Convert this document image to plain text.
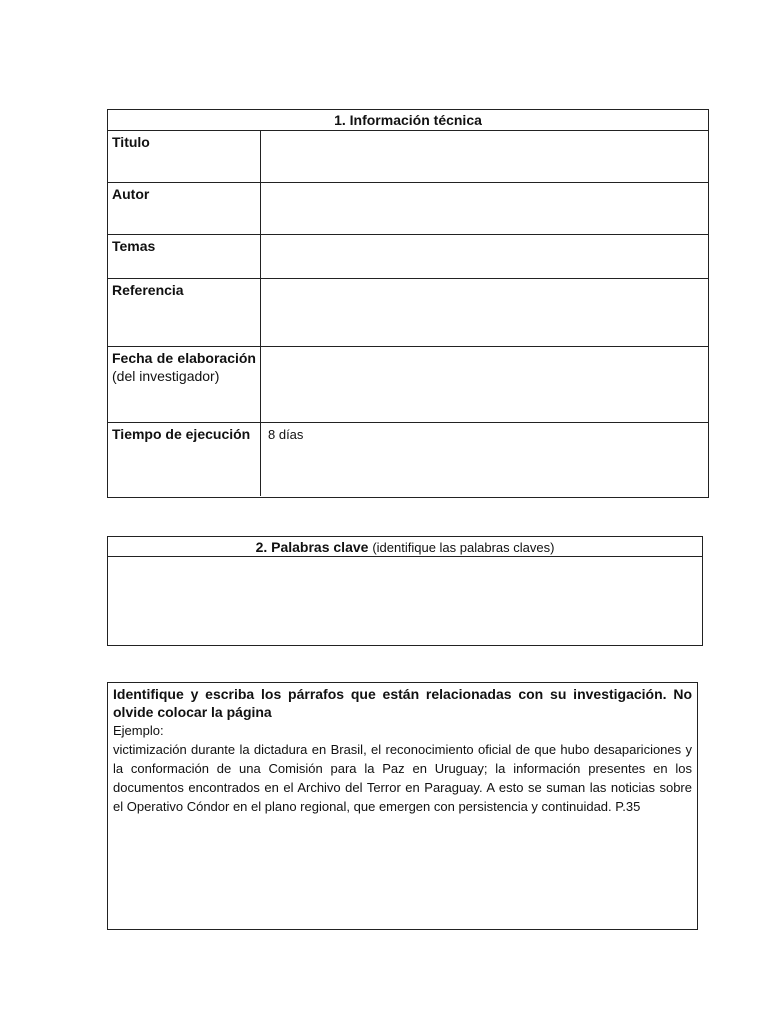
1. Información técnica
Titulo
Autor
Temas
Referencia
Fecha de elaboración
(del investigador)
Tiempo de ejecución	8 días
2. Palabras clave (identifique las palabras claves)
Identifique y escriba los párrafos que están relacionadas con su investigación. No olvide colocar la página
Ejemplo:
victimización durante la dictadura en Brasil, el reconocimiento oficial de que hubo desapariciones y la conformación de una Comisión para la Paz en Uruguay; la información presentes en los documentos encontrados en el Archivo del Terror en Paraguay. A esto se suman las noticias sobre el Operativo Cóndor en el plano regional, que emergen con persistencia y continuidad. P.35
